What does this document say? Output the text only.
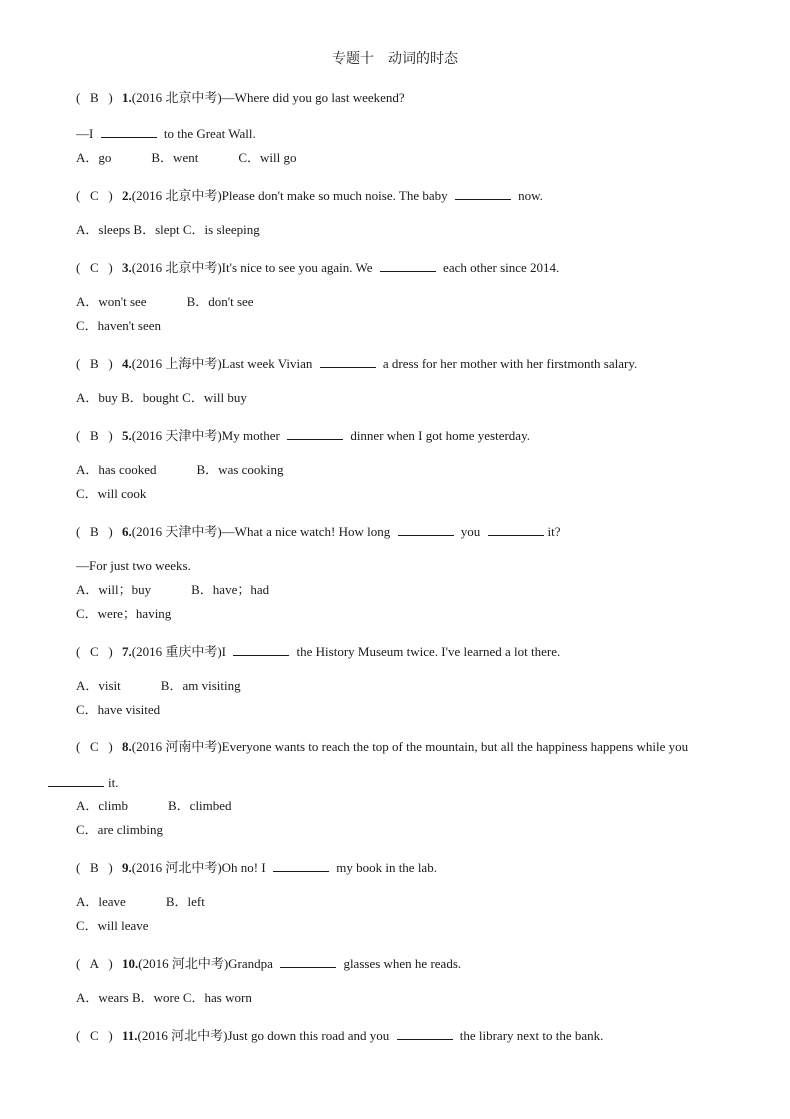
专题十　动词的时态
( B ) 1.(2016 北京中考)—Where did you go last weekend?
—I	to the Great Wall.
A．go	B．went	C．will go
( C ) 2.(2016 北京中考)Please don't make so much noise. The baby	now.
A．sleeps B．slept C．is sleeping
( C ) 3.(2016 北京中考)It's nice to see you again. We	each other since 2014.
A．won't see	B．don't see
C．haven't seen
( B ) 4.(2016 上海中考)Last week Vivian	a dress for her mother with her firstmonth salary.
A．buy B．bought C．will buy
( B ) 5.(2016 天津中考)My mother	dinner when I got home yesterday.
A．has cooked	B．was cooking
C．will cook
( B ) 6.(2016 天津中考)—What a nice watch! How long	you	it?
—For just two weeks.
A．will；buy	B．have；had
C．were；having
( C ) 7.(2016 重庆中考)I	the History Museum twice. I've learned a lot there.
A．visit	B．am visiting
C．have visited
( C ) 8.(2016 河南中考)Everyone wants to reach the top of the mountain, but all the happiness happens while you
it.
A．climb	B．climbed
C．are climbing
( B ) 9.(2016 河北中考)Oh no! I	my book in the lab.
A．leave	B．left
C．will leave
( A ) 10.(2016 河北中考)Grandpa	glasses when he reads.
A．wears B．wore C．has worn
( C ) 11.(2016 河北中考)Just go down this road and you	the library next to the bank.
